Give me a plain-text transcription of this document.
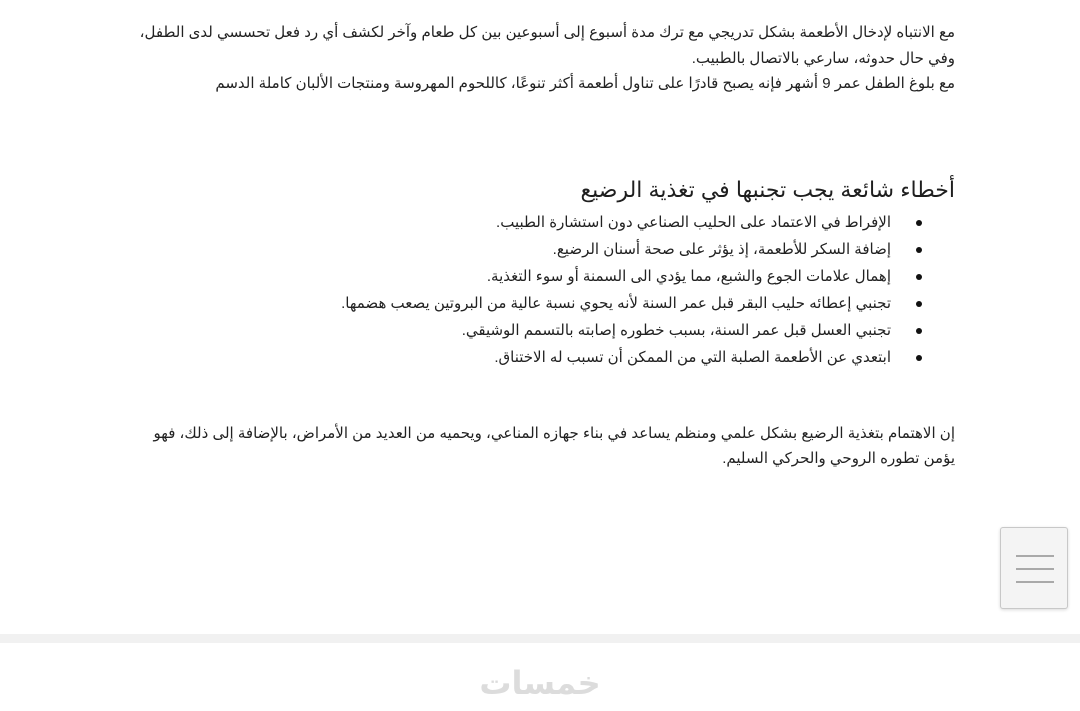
مع الانتباه لإدخال الأطعمة بشكل تدريجي مع ترك مدة أسبوع إلى أسبوعين بين كل طعام وآخر لكشف أي رد فعل تحسسي لدى الطفل، وفي حال حدوثه، سارعي بالاتصال بالطبيب.

مع بلوغ الطفل عمر 9 أشهر فإنه يصبح قادرًا على تناول أطعمة أكثر تنوعًا، كاللحوم المهروسة ومنتجات الألبان كاملة الدسم

أخطاء شائعة يجب تجنبها في تغذية الرضيع
الإفراط في الاعتماد على الحليب الصناعي دون استشارة الطبيب.
إضافة السكر للأطعمة، إذ يؤثر على صحة أسنان الرضيع.
إهمال علامات الجوع والشبع، مما يؤدي الى السمنة أو سوء التغذية.
تجنبي إعطائه حليب البقر قبل عمر السنة لأنه يحوي نسبة عالية من البروتين يصعب هضمها.
تجنبي العسل قبل عمر السنة، بسبب خطوره إصابته بالتسمم الوشيقي.
ابتعدي عن الأطعمة الصلبة التي من الممكن أن تسبب له الاختناق.

إن الاهتمام بتغذية الرضيع بشكل علمي ومنظم يساعد في بناء جهازه المناعي، ويحميه من العديد من الأمراض، بالإضافة إلى ذلك، فهو يؤمن تطوره الروحي والحركي السليم.

خمسات
